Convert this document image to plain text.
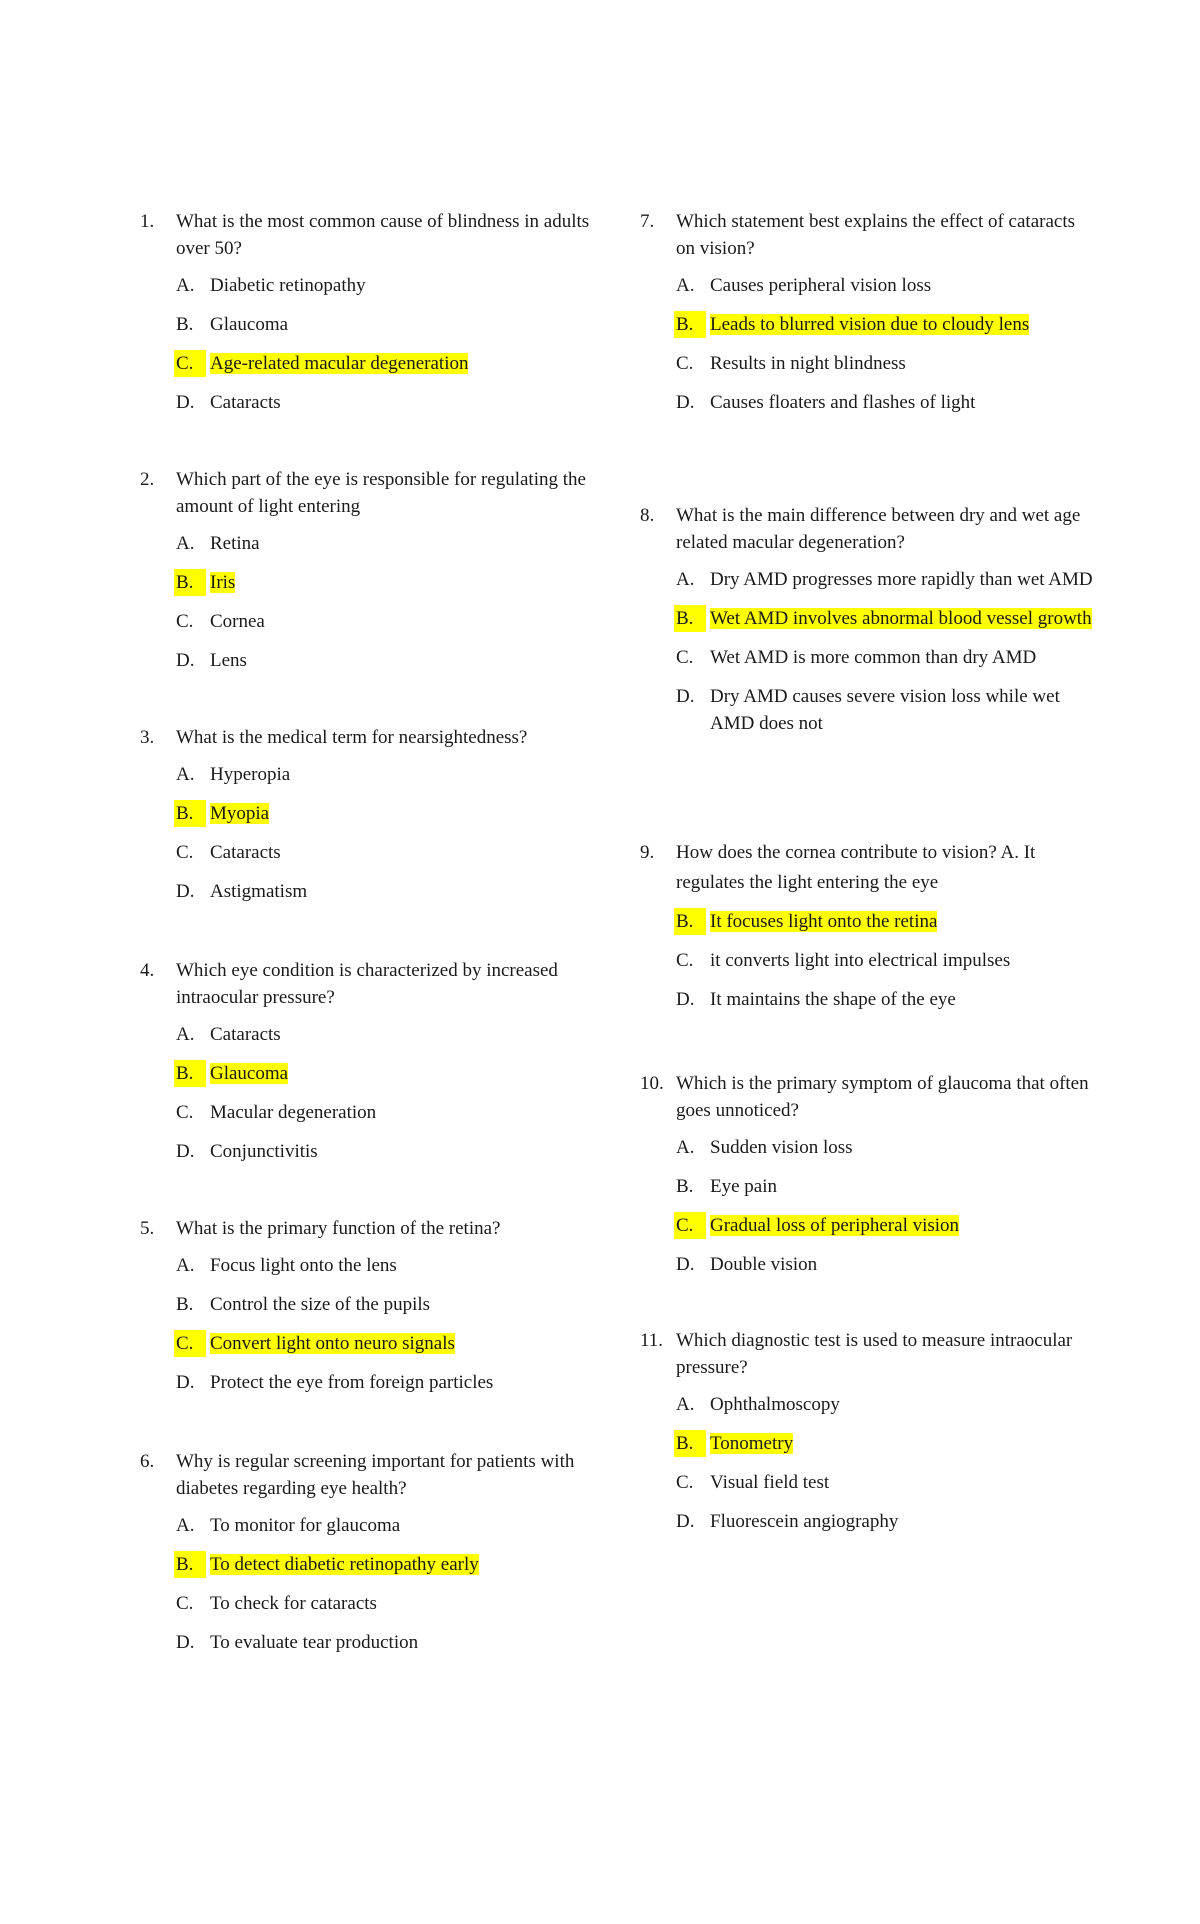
1. What is the most common cause of blindness in adults over 50?
A. Diabetic retinopathy
B. Glaucoma
C. Age-related macular degeneration
D. Cataracts
2. Which part of the eye is responsible for regulating the amount of light entering
A. Retina
B. Iris
C. Cornea
D. Lens
3. What is the medical term for nearsightedness?
A. Hyperopia
B. Myopia
C. Cataracts
D. Astigmatism
4. Which eye condition is characterized by increased intraocular pressure?
A. Cataracts
B. Glaucoma
C. Macular degeneration
D. Conjunctivitis
5. What is the primary function of the retina?
A. Focus light onto the lens
B. Control the size of the pupils
C. Convert light onto neuro signals
D. Protect the eye from foreign particles
6. Why is regular screening important for patients with diabetes regarding eye health?
A. To monitor for glaucoma
B. To detect diabetic retinopathy early
C. To check for cataracts
D. To evaluate tear production
7. Which statement best explains the effect of cataracts on vision?
A. Causes peripheral vision loss
B. Leads to blurred vision due to cloudy lens
C. Results in night blindness
D. Causes floaters and flashes of light
8. What is the main difference between dry and wet age related macular degeneration?
A. Dry AMD progresses more rapidly than wet AMD
B. Wet AMD involves abnormal blood vessel growth
C. Wet AMD is more common than dry AMD
D. Dry AMD causes severe vision loss while wet AMD does not
9. How does the cornea contribute to vision? A. It regulates the light entering the eye
B. It focuses light onto the retina
C. it converts light into electrical impulses
D. It maintains the shape of the eye
10. Which is the primary symptom of glaucoma that often goes unnoticed?
A. Sudden vision loss
B. Eye pain
C. Gradual loss of peripheral vision
D. Double vision
11. Which diagnostic test is used to measure intraocular pressure?
A. Ophthalmoscopy
B. Tonometry
C. Visual field test
D. Fluorescein angiography
